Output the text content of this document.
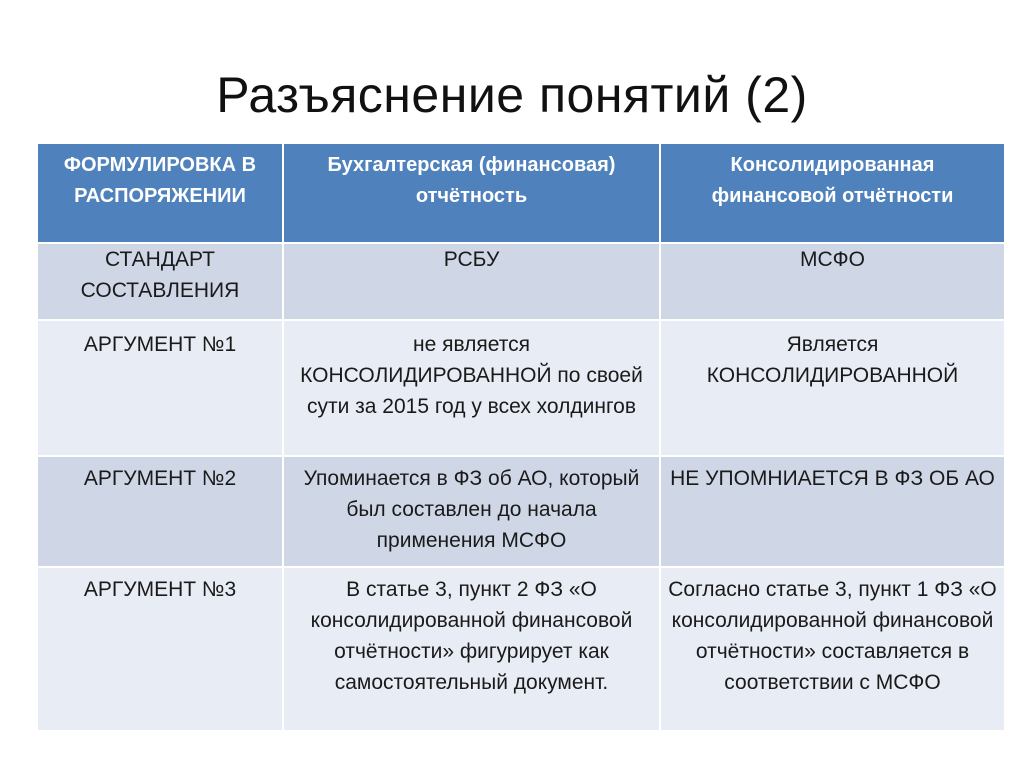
Разъяснение понятий (2)
ФОРМУЛИРОВКА В РАСПОРЯЖЕНИИ	Бухгалтерская (финансовая) отчётность	Консолидированная финансовой отчётности
СТАНДАРТ СОСТАВЛЕНИЯ	РСБУ	МСФО
АРГУМЕНТ №1	не является КОНСОЛИДИРОВАННОЙ по своей сути за 2015 год у всех холдингов	Является КОНСОЛИДИРОВАННОЙ
АРГУМЕНТ №2	Упоминается в ФЗ об АО, который был составлен до начала применения МСФО	НЕ УПОМНИАЕТСЯ В ФЗ ОБ АО
АРГУМЕНТ №3	В статье 3, пункт 2 ФЗ «О консолидированной финансовой отчётности» фигурирует как самостоятельный документ.	Согласно статье 3, пункт 1 ФЗ «О консолидированной финансовой отчётности» составляется в соответствии с МСФО
